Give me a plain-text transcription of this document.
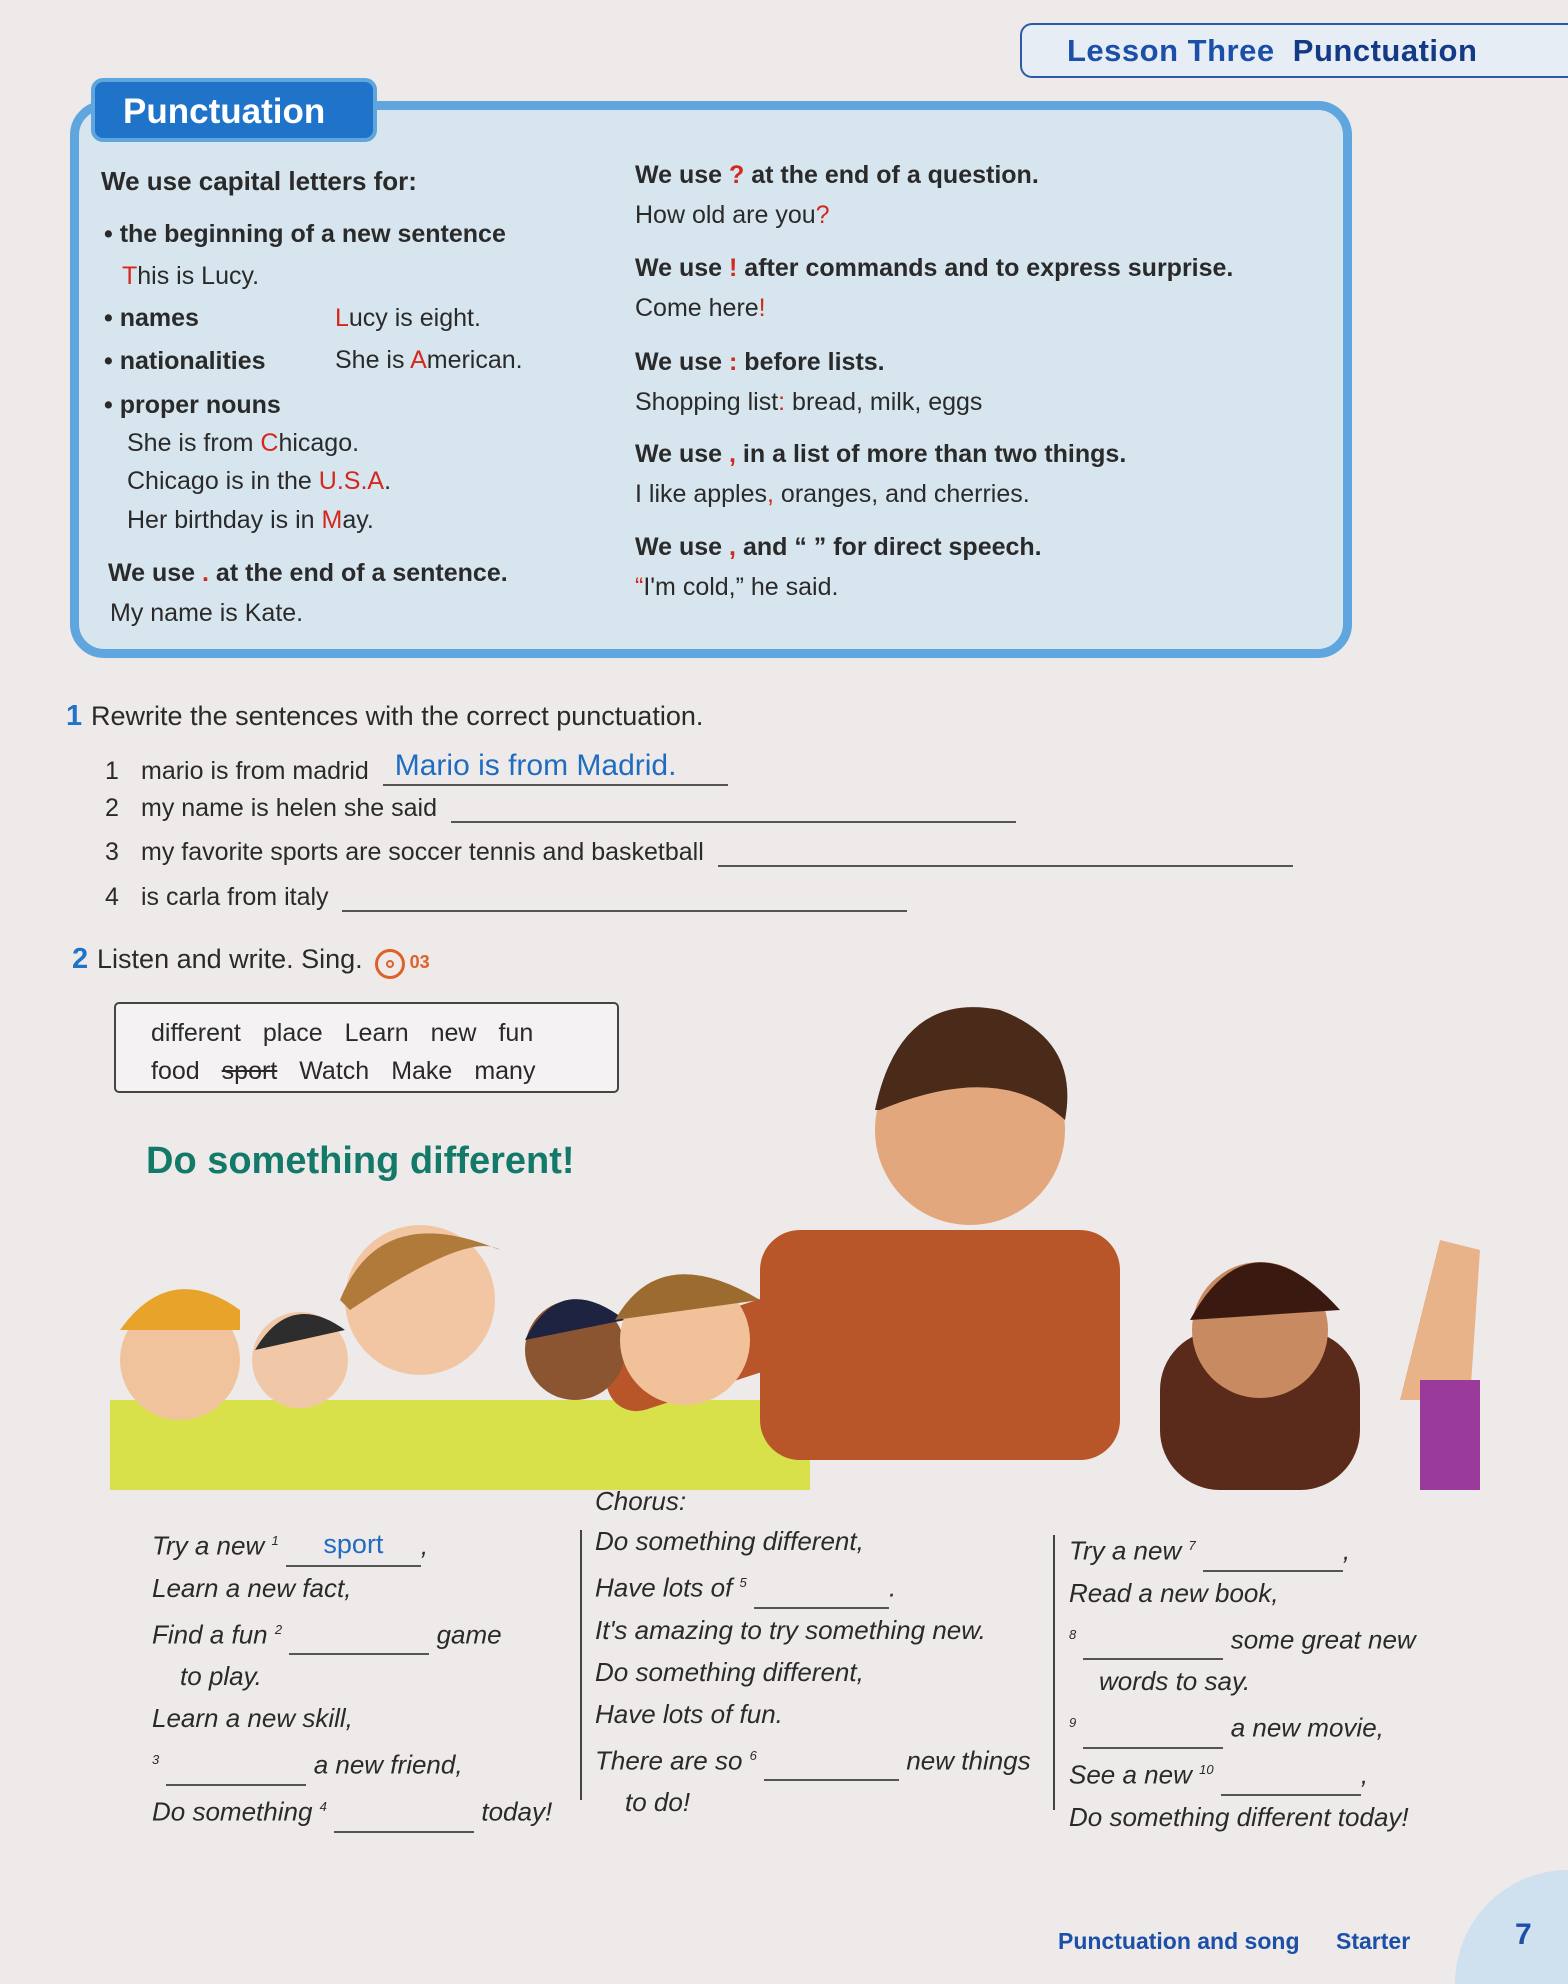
Lesson Three Punctuation
Punctuation
We use capital letters for:
• the beginning of a new sentence
This is Lucy.
• names	Lucy is eight.
• nationalities	She is American.
• proper nouns
She is from Chicago.
Chicago is in the U.S.A.
Her birthday is in May.
We use . at the end of a sentence.
My name is Kate.
We use ? at the end of a question.
How old are you?
We use ! after commands and to express surprise.
Come here!
We use : before lists.
Shopping list: bread, milk, eggs
We use , in a list of more than two things.
I like apples, oranges, and cherries.
We use , and “ ” for direct speech.
“I'm cold,” he said.
1 Rewrite the sentences with the correct punctuation.
1 mario is from madrid Mario is from Madrid.
2 my name is helen she said
3 my favorite sports are soccer tennis and basketball
4 is carla from italy
2 Listen and write. Sing.	03
different place Learn new fun
food sport Watch Make many
Do something different!
Chorus:
Try a new $^1$ sport ,
Learn a new fact,
Find a fun $^2$	game
to play.
Learn a new skill,
$^3$	a new friend,
Do something $^4$	today!
Do something different,
Have lots of $^5$	.
It's amazing to try something new.
Do something different,
Have lots of fun.
There are so $^6$	new things
to do!
Try a new $^7$	,
Read a new book,
$^8$	some great new
words to say.
$^9$	a new movie,
See a new $^{10}$	,
Do something different today!
Punctuation and song Starter	7
